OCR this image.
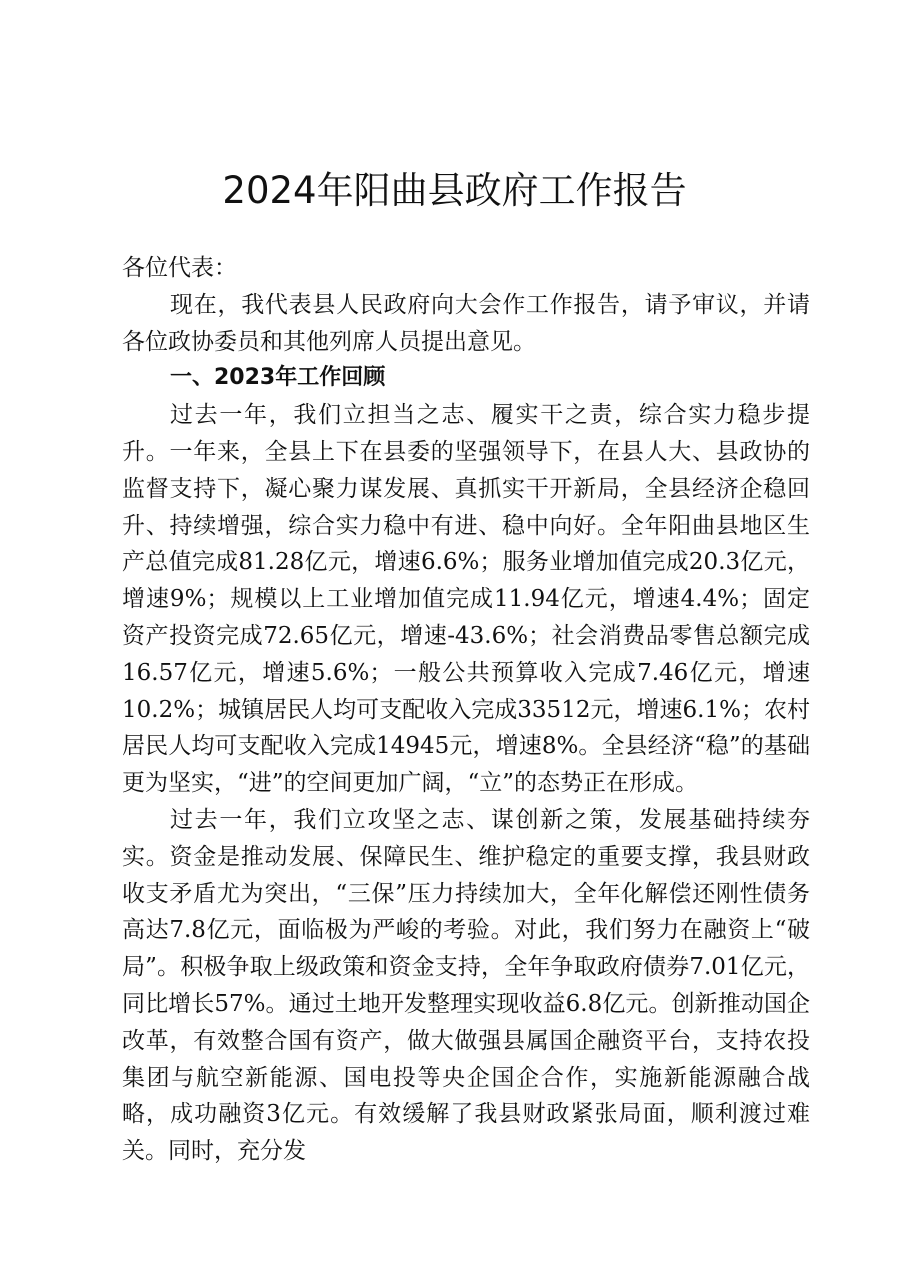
2024年阳曲县政府工作报告

各位代表：

现在，我代表县人民政府向大会作工作报告，请予审议，并请各位政协委员和其他列席人员提出意见。

一、2023年工作回顾

过去一年，我们立担当之志、履实干之责，综合实力稳步提升。一年来，全县上下在县委的坚强领导下，在县人大、县政协的监督支持下，凝心聚力谋发展、真抓实干开新局，全县经济企稳回升、持续增强，综合实力稳中有进、稳中向好。全年阳曲县地区生产总值完成81.28亿元，增速6.6%；服务业增加值完成20.3亿元，增速9%；规模以上工业增加值完成11.94亿元，增速4.4%；固定资产投资完成72.65亿元，增速-43.6%；社会消费品零售总额完成16.57亿元，增速5.6%；一般公共预算收入完成7.46亿元，增速10.2%；城镇居民人均可支配收入完成33512元，增速6.1%；农村居民人均可支配收入完成14945元，增速8%。全县经济“稳”的基础更为坚实，“进”的空间更加广阔，“立”的态势正在形成。

过去一年，我们立攻坚之志、谋创新之策，发展基础持续夯实。资金是推动发展、保障民生、维护稳定的重要支撑，我县财政收支矛盾尤为突出，“三保”压力持续加大，全年化解偿还刚性债务高达7.8亿元，面临极为严峻的考验。对此，我们努力在融资上“破局”。积极争取上级政策和资金支持，全年争取政府债券7.01亿元，同比增长57%。通过土地开发整理实现收益6.8亿元。创新推动国企改革，有效整合国有资产，做大做强县属国企融资平台，支持农投集团与航空新能源、国电投等央企国企合作，实施新能源融合战略，成功融资3亿元。有效缓解了我县财政紧张局面，顺利渡过难关。同时，充分发
